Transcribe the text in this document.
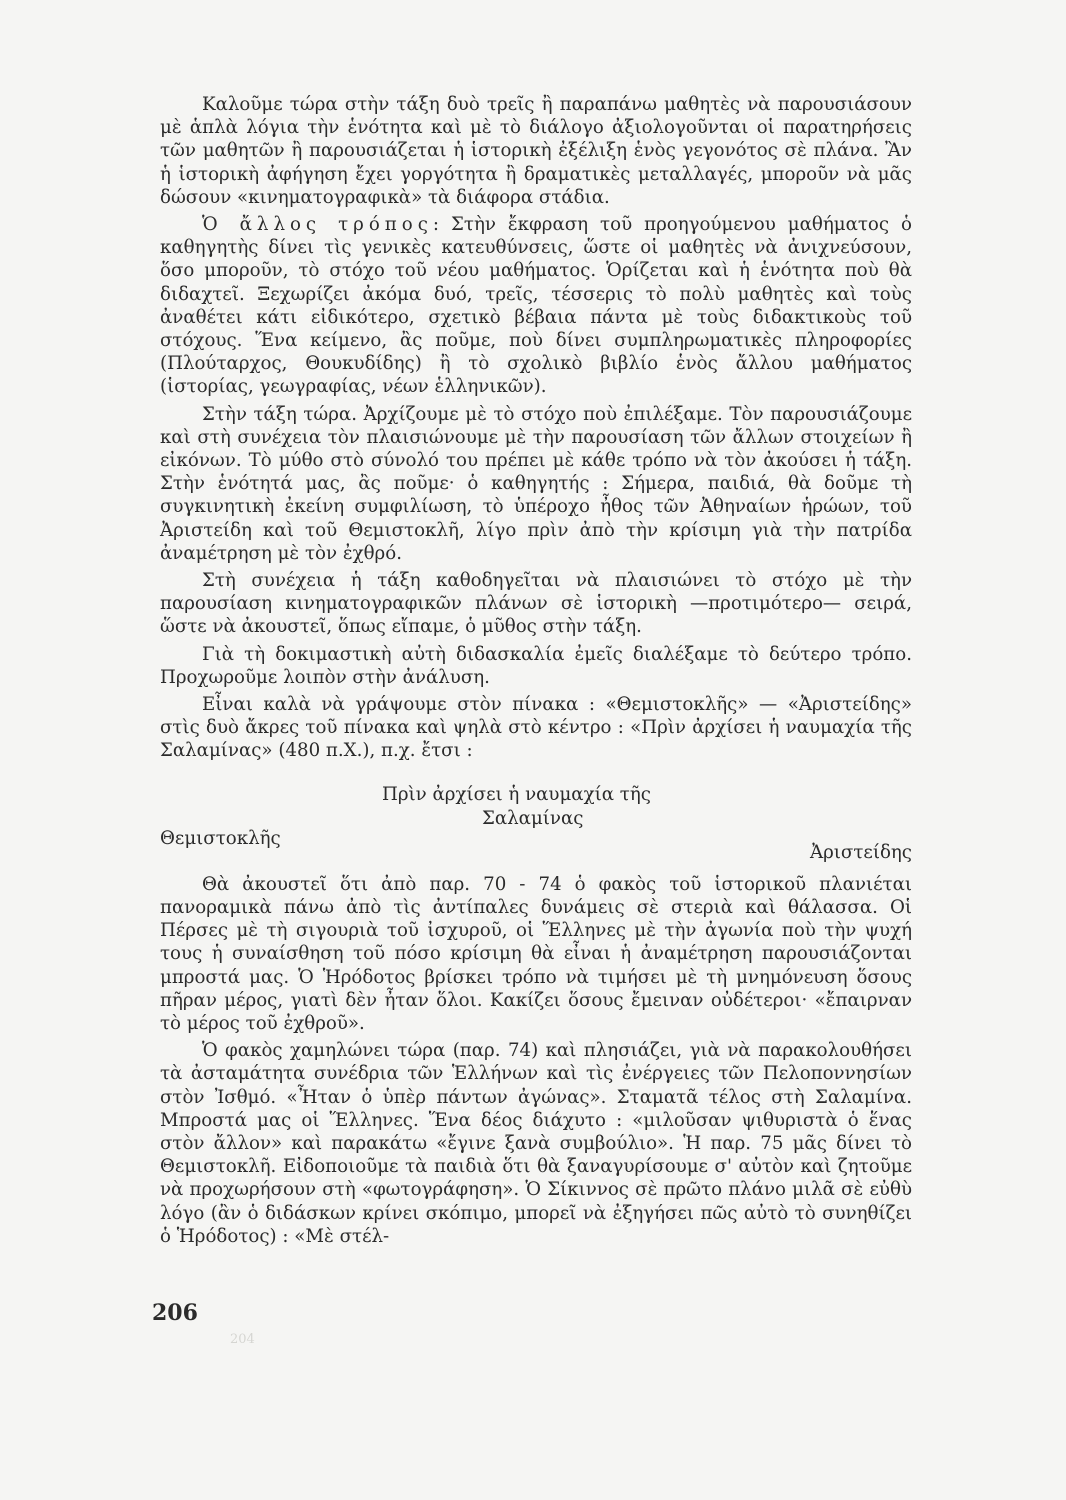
Καλοῦμε τώρα στὴν τάξη δυὸ τρεῖς ἢ παραπάνω μαθητὲς νὰ παρουσιάσουν μὲ ἁπλὰ λόγια τὴν ἑνότητα καὶ μὲ τὸ διάλογο ἀξιολογοῦνται οἱ παρατηρήσεις τῶν μαθητῶν ἢ παρουσιάζεται ἡ ἱστορικὴ ἐξέλιξη ἑνὸς γεγονότος σὲ πλάνα. Ἂν ἡ ἱστορικὴ ἀφήγηση ἔχει γοργότητα ἢ δραματικὲς μεταλλαγές, μποροῦν νὰ μᾶς δώσουν «κινηματογραφικὰ» τὰ διάφορα στάδια.

Ὁ ἄλλος τρόπος: Στὴν ἔκφραση τοῦ προηγούμενου μαθήματος ὁ καθηγητὴς δίνει τὶς γενικὲς κατευθύνσεις, ὥστε οἱ μαθητὲς νὰ ἀνιχνεύσουν, ὅσο μποροῦν, τὸ στόχο τοῦ νέου μαθήματος. Ὁρίζεται καὶ ἡ ἑνότητα ποὺ θὰ διδαχτεῖ. Ξεχωρίζει ἀκόμα δυό, τρεῖς, τέσσερις τὸ πολὺ μαθητὲς καὶ τοὺς ἀναθέτει κάτι εἰδικότερο, σχετικὸ βέβαια πάντα μὲ τοὺς διδακτικοὺς τοῦ στόχους. Ἕνα κείμενο, ἂς ποῦμε, ποὺ δίνει συμπληρωματικὲς πληροφορίες (Πλούταρχος, Θουκυδίδης) ἢ τὸ σχολικὸ βιβλίο ἑνὸς ἄλλου μαθήματος (ἱστορίας, γεωγραφίας, νέων ἑλληνικῶν).

Στὴν τάξη τώρα. Ἀρχίζουμε μὲ τὸ στόχο ποὺ ἐπιλέξαμε. Τὸν παρουσιάζουμε καὶ στὴ συνέχεια τὸν πλαισιώνουμε μὲ τὴν παρουσίαση τῶν ἄλλων στοιχείων ἢ εἰκόνων. Τὸ μύθο στὸ σύνολό του πρέπει μὲ κάθε τρόπο νὰ τὸν ἀκούσει ἡ τάξη. Στὴν ἑνότητά μας, ἂς ποῦμε· ὁ καθηγητής : Σήμερα, παιδιά, θὰ δοῦμε τὴ συγκινητικὴ ἐκείνη συμφιλίωση, τὸ ὑπέροχο ἦθος τῶν Ἀθηναίων ἡρώων, τοῦ Ἀριστείδη καὶ τοῦ Θεμιστοκλῆ, λίγο πρὶν ἀπὸ τὴν κρίσιμη γιὰ τὴν πατρίδα ἀναμέτρηση μὲ τὸν ἐχθρό.

Στὴ συνέχεια ἡ τάξη καθοδηγεῖται νὰ πλαισιώνει τὸ στόχο μὲ τὴν παρουσίαση κινηματογραφικῶν πλάνων σὲ ἱστορικὴ —προτιμότερο— σειρά, ὥστε νὰ ἀκουστεῖ, ὅπως εἴπαμε, ὁ μῦθος στὴν τάξη.

Γιὰ τὴ δοκιμαστικὴ αὐτὴ διδασκαλία ἐμεῖς διαλέξαμε τὸ δεύτερο τρόπο. Προχωροῦμε λοιπὸν στὴν ἀνάλυση.

Εἶναι καλὰ νὰ γράψουμε στὸν πίνακα : «Θεμιστοκλῆς» — «Ἀριστείδης» στὶς δυὸ ἄκρες τοῦ πίνακα καὶ ψηλὰ στὸ κέντρο : «Πρὶν ἀρχίσει ἡ ναυμαχία τῆς Σαλαμίνας» (480 π.Χ.), π.χ. ἔτσι :

Πρὶν ἀρχίσει ἡ ναυμαχία τῆς
Σαλαμίνας
Θεμιστοκλῆς
Ἀριστείδης

Θὰ ἀκουστεῖ ὅτι ἀπὸ παρ. 70 - 74 ὁ φακὸς τοῦ ἱστορικοῦ πλανιέται πανοραμικὰ πάνω ἀπὸ τὶς ἀντίπαλες δυνάμεις σὲ στεριὰ καὶ θάλασσα. Οἱ Πέρσες μὲ τὴ σιγουριὰ τοῦ ἰσχυροῦ, οἱ Ἕλληνες μὲ τὴν ἀγωνία ποὺ τὴν ψυχή τους ἡ συναίσθηση τοῦ πόσο κρίσιμη θὰ εἶναι ἡ ἀναμέτρηση παρουσιάζονται μπροστά μας. Ὁ Ἡρόδοτος βρίσκει τρόπο νὰ τιμήσει μὲ τὴ μνημόνευση ὅσους πῆραν μέρος, γιατὶ δὲν ἦταν ὅλοι. Κακίζει ὅσους ἔμειναν οὐδέτεροι· «ἔπαιρναν τὸ μέρος τοῦ ἐχθροῦ».

Ὁ φακὸς χαμηλώνει τώρα (παρ. 74) καὶ πλησιάζει, γιὰ νὰ παρακολουθήσει τὰ ἀσταμάτητα συνέδρια τῶν Ἑλλήνων καὶ τὶς ἐνέργειες τῶν Πελοποννησίων στὸν Ἰσθμό. «Ἦταν ὁ ὑπὲρ πάντων ἀγώνας». Σταματᾶ τέλος στὴ Σαλαμίνα. Μπροστά μας οἱ Ἕλληνες. Ἕνα δέος διάχυτο : «μιλοῦσαν ψιθυριστὰ ὁ ἕνας στὸν ἄλλον» καὶ παρακάτω «ἔγινε ξανὰ συμβούλιο». Ἡ παρ. 75 μᾶς δίνει τὸ Θεμιστοκλῆ. Εἰδοποιοῦμε τὰ παιδιὰ ὅτι θὰ ξαναγυρίσουμε σ' αὐτὸν καὶ ζητοῦμε νὰ προχωρήσουν στὴ «φωτογράφηση». Ὁ Σίκιννος σὲ πρῶτο πλάνο μιλᾶ σὲ εὐθὺ λόγο (ἂν ὁ διδάσκων κρίνει σκόπιμο, μπορεῖ νὰ ἐξηγήσει πῶς αὐτὸ τὸ συνηθίζει ὁ Ἡρόδοτος) : «Μὲ στέλ-

206
204
